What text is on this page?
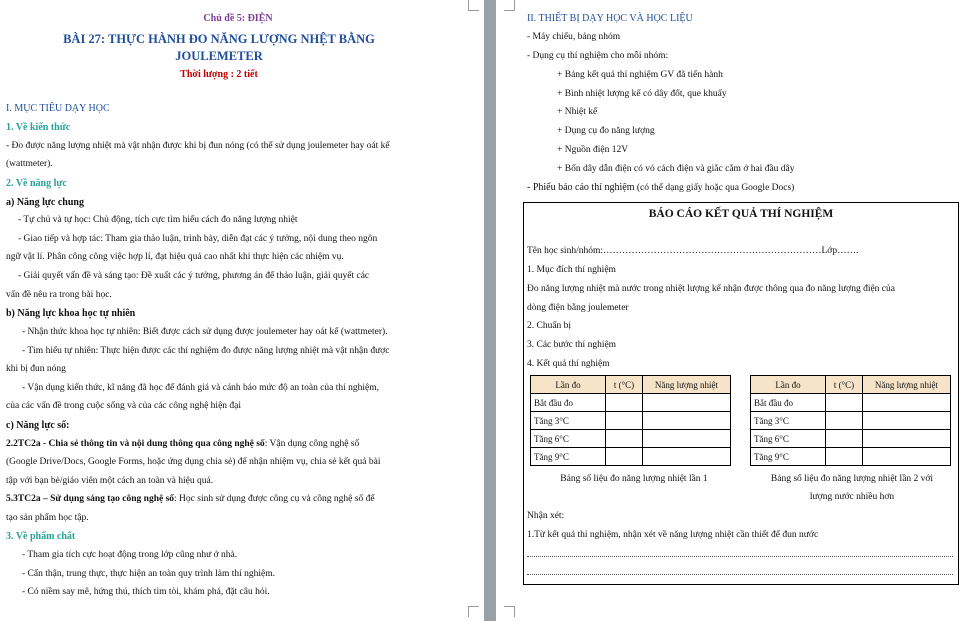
Chủ đề 5: ĐIỆN
BÀI 27: THỰC HÀNH ĐO NĂNG LƯỢNG NHỆT BẰNG
JOULEMETER
Thời lượng : 2 tiết
I. MỤC TIÊU DẠY HỌC
1. Về kiến thức
- Đo được năng lượng nhiệt mà vật nhận được khi bị đun nóng (có thể sử dụng joulemeter hay oát kế
(wattmeter).
2. Về năng lực
a) Năng lực chung
- Tự chủ và tự học: Chủ động, tích cực tìm hiểu cách đo năng lượng nhiệt
- Giao tiếp và hợp tác: Tham gia thảo luận, trình bày, diễn đạt các ý tưởng, nội dung theo ngôn
ngữ vật lí. Phân công công việc hợp lí, đạt hiệu quả cao nhất khi thực hiện các nhiệm vụ.
- Giải quyết vấn đề và sáng tạo: Đề xuất các ý tưởng, phương án để thảo luận, giải quyết các
vấn đề nêu ra trong bài học.
b) Năng lực khoa học tự nhiên
- Nhận thức khoa học tự nhiên: Biết được cách sử dụng được joulemeter hay oát kế (wattmeter).
- Tìm hiểu tự nhiên: Thực hiện được các thí nghiệm đo được năng lượng nhiệt mà vật nhận được
khi bị đun nóng
- Vận dụng kiến thức, kĩ năng đã học để đánh giá và cảnh báo mức độ an toàn của thí nghiệm,
của các vấn đề trong cuộc sống và của các công nghệ hiện đại
c) Năng lực số:
2.2TC2a - Chia sẻ thông tin và nội dung thông qua công nghệ số: Vận dụng công nghệ số
(Google Drive/Docs, Google Forms, hoặc ứng dụng chia sẻ) để nhận nhiệm vụ, chia sẻ kết quả bài
tập với bạn bè/giáo viên một cách an toàn và hiệu quả.
5.3TC2a – Sử dụng sáng tạo công nghệ số: Học sinh sử dụng được công cụ và công nghệ số để
tạo sản phẩm học tập.
3. Về phẩm chất
- Tham gia tích cực hoạt động trong lớp cũng như ở nhà.
- Cẩn thận, trung thực, thực hiện an toàn quy trình làm thí nghiệm.
- Có niềm say mê, hứng thú, thích tìm tòi, khám phá, đặt câu hỏi.
II. THIẾT BỊ DẠY HỌC VÀ HỌC LIỆU
- Máy chiếu, bảng nhóm
- Dụng cụ thí nghiệm cho mỗi nhóm:
+ Bảng kết quả thí nghiệm GV đã tiến hành
+ Bình nhiệt lượng kế có dây đốt, que khuấy
+ Nhiệt kế
+ Dụng cụ đo năng lượng
+ Nguồn điện 12V
+ Bốn dây dẫn điện có vỏ cách điện và giắc cắm ở hai đầu dây
- Phiếu báo cáo thí nghiệm (có thể dạng giấy hoặc qua Google Docs)
BÁO CÁO KẾT QUẢ THÍ NGHIỆM
Tên học sinh/nhóm:……………………………………………………………Lớp…….
1. Mục đích thí nghiệm
Đo năng lượng nhiệt mà nước trong nhiệt lượng kế nhận được thông qua đo năng lượng điện của
dòng điện bằng joulemeter
2. Chuẩn bị
3. Các bước thí nghiệm
4. Kết quả thí nghiệm
Lần đo	t (°C)	Năng lượng nhiệt
Bắt đầu đo		
Tăng 3°C		
Tăng 6°C		
Tăng 9°C		
Lần đo	t (°C)	Năng lượng nhiệt
Bắt đầu đo		
Tăng 3°C		
Tăng 6°C		
Tăng 9°C		
Bảng số liệu đo năng lượng nhiệt lần 1	Bảng số liệu đo năng lượng nhiệt lần 2 với
lượng nước nhiều hơn
Nhận xét:
1.Từ kết quả thí nghiệm, nhận xét về năng lượng nhiệt cần thiết để đun nước
